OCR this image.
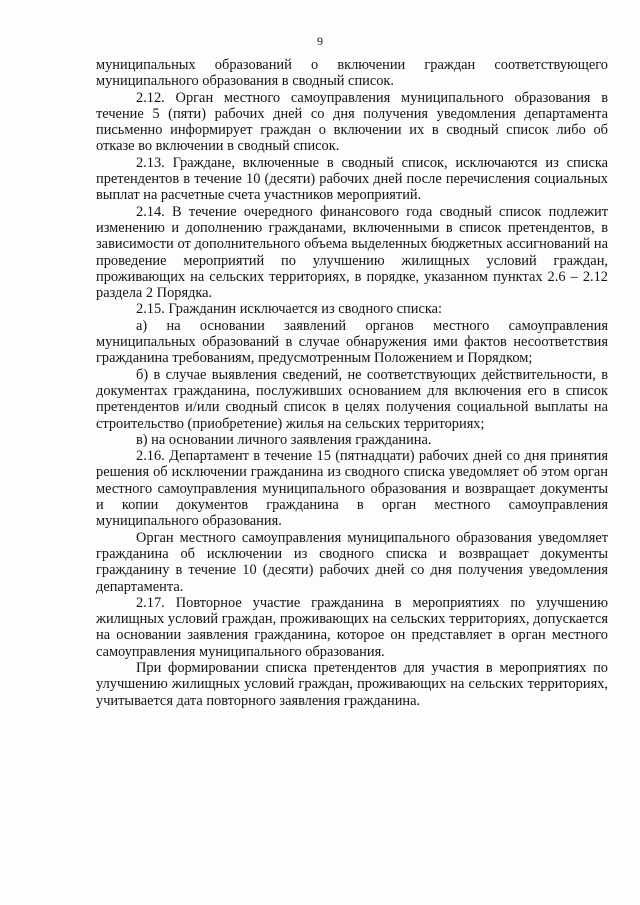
9

муниципальных образований о включении граждан соответствующего муниципального образования в сводный список.

2.12. Орган местного самоуправления муниципального образования в течение 5 (пяти) рабочих дней со дня получения уведомления департамента письменно информирует граждан о включении их в сводный список либо об отказе во включении в сводный список.

2.13. Граждане, включенные в сводный список, исключаются из списка претендентов в течение 10 (десяти) рабочих дней после перечисления социальных выплат на расчетные счета участников мероприятий.

2.14. В течение очередного финансового года сводный список подлежит изменению и дополнению гражданами, включенными в список претендентов, в зависимости от дополнительного объема выделенных бюджетных ассигнований на проведение мероприятий по улучшению жилищных условий граждан, проживающих на сельских территориях, в порядке, указанном пунктах 2.6 – 2.12 раздела 2 Порядка.

2.15. Гражданин исключается из сводного списка:

а) на основании заявлений органов местного самоуправления муниципальных образований в случае обнаружения ими фактов несоответствия гражданина требованиям, предусмотренным Положением и Порядком;

б) в случае выявления сведений, не соответствующих действительности, в документах гражданина, послуживших основанием для включения его в список претендентов и/или сводный список в целях получения социальной выплаты на строительство (приобретение) жилья на сельских территориях;

в) на основании личного заявления гражданина.

2.16. Департамент в течение 15 (пятнадцати) рабочих дней со дня принятия решения об исключении гражданина из сводного списка уведомляет об этом орган местного самоуправления муниципального образования и возвращает документы и копии документов гражданина в орган местного самоуправления муниципального образования.

Орган местного самоуправления муниципального образования уведомляет гражданина об исключении из сводного списка и возвращает документы гражданину в течение 10 (десяти) рабочих дней со дня получения уведомления департамента.

2.17. Повторное участие гражданина в мероприятиях по улучшению жилищных условий граждан, проживающих на сельских территориях, допускается на основании заявления гражданина, которое он представляет в орган местного самоуправления муниципального образования.

При формировании списка претендентов для участия в мероприятиях по улучшению жилищных условий граждан, проживающих на сельских территориях, учитывается дата повторного заявления гражданина.
